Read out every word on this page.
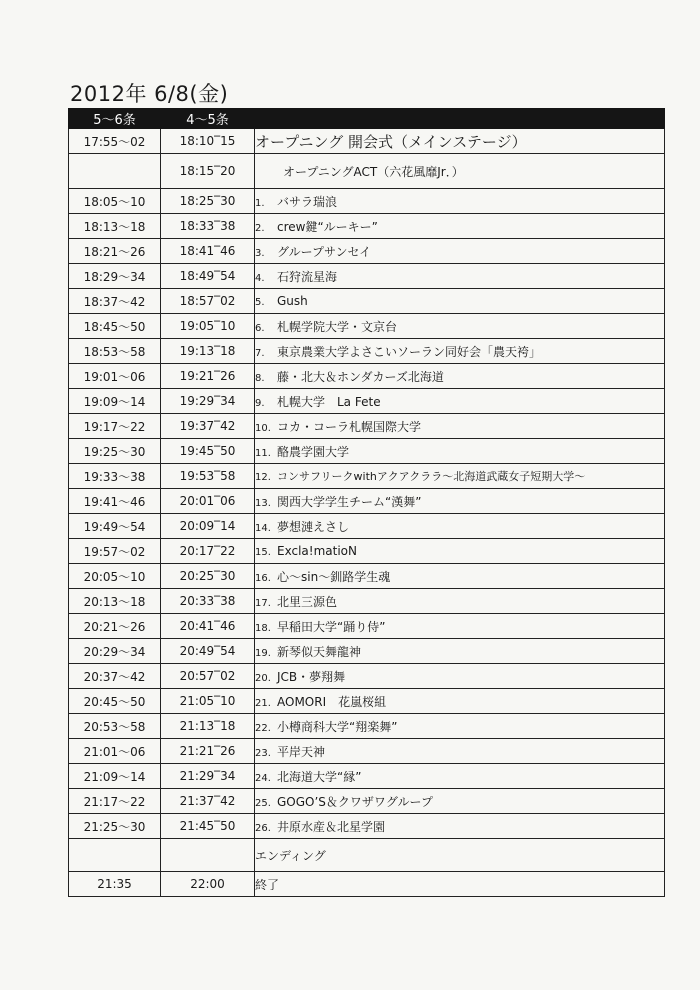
2012年 6/8(金)
5～6条	4～5条	
17:55～02	18:10‾15	オープニング 開会式（メインステージ）
	18:15‾20	オープニングACT（六花風靡Jr．）
18:05～10	18:25‾30	1. バサラ瑞浪
18:13～18	18:33‾38	2. crew鍵“ルーキー”
18:21～26	18:41‾46	3. グループサンセイ
18:29～34	18:49‾54	4. 石狩流星海
18:37～42	18:57‾02	5. Gush
18:45～50	19:05‾10	6. 札幌学院大学・文京台
18:53～58	19:13‾18	7. 東京農業大学よさこいソーラン同好会「農天袴」
19:01～06	19:21‾26	8. 藤・北大＆ホンダカーズ北海道
19:09～14	19:29‾34	9. 札幌大学　La Fete
19:17～22	19:37‾42	10. コカ・コーラ札幌国際大学
19:25～30	19:45‾50	11. 酪農学園大学
19:33～38	19:53‾58	12. コンサフリークwithアクアクララ～北海道武蔵女子短期大学～
19:41～46	20:01‾06	13. 関西大学学生チーム“漢舞”
19:49～54	20:09‾14	14. 夢想漣えさし
19:57～02	20:17‾22	15. Excla!matioN
20:05～10	20:25‾30	16. 心～sin～釧路学生魂
20:13～18	20:33‾38	17. 北里三源色
20:21～26	20:41‾46	18. 早稲田大学“踊り侍”
20:29～34	20:49‾54	19. 新琴似天舞龍神
20:37～42	20:57‾02	20. JCB・夢翔舞
20:45～50	21:05‾10	21. AOMORI　花嵐桜組
20:53～58	21:13‾18	22. 小樽商科大学“翔楽舞”
21:01～06	21:21‾26	23. 平岸天神
21:09～14	21:29‾34	24. 北海道大学“縁”
21:17～22	21:37‾42	25. GOGO’S＆クワザワグループ
21:25～30	21:45‾50	26. 井原水産＆北星学園
		エンディング
21:35	22:00	終了
